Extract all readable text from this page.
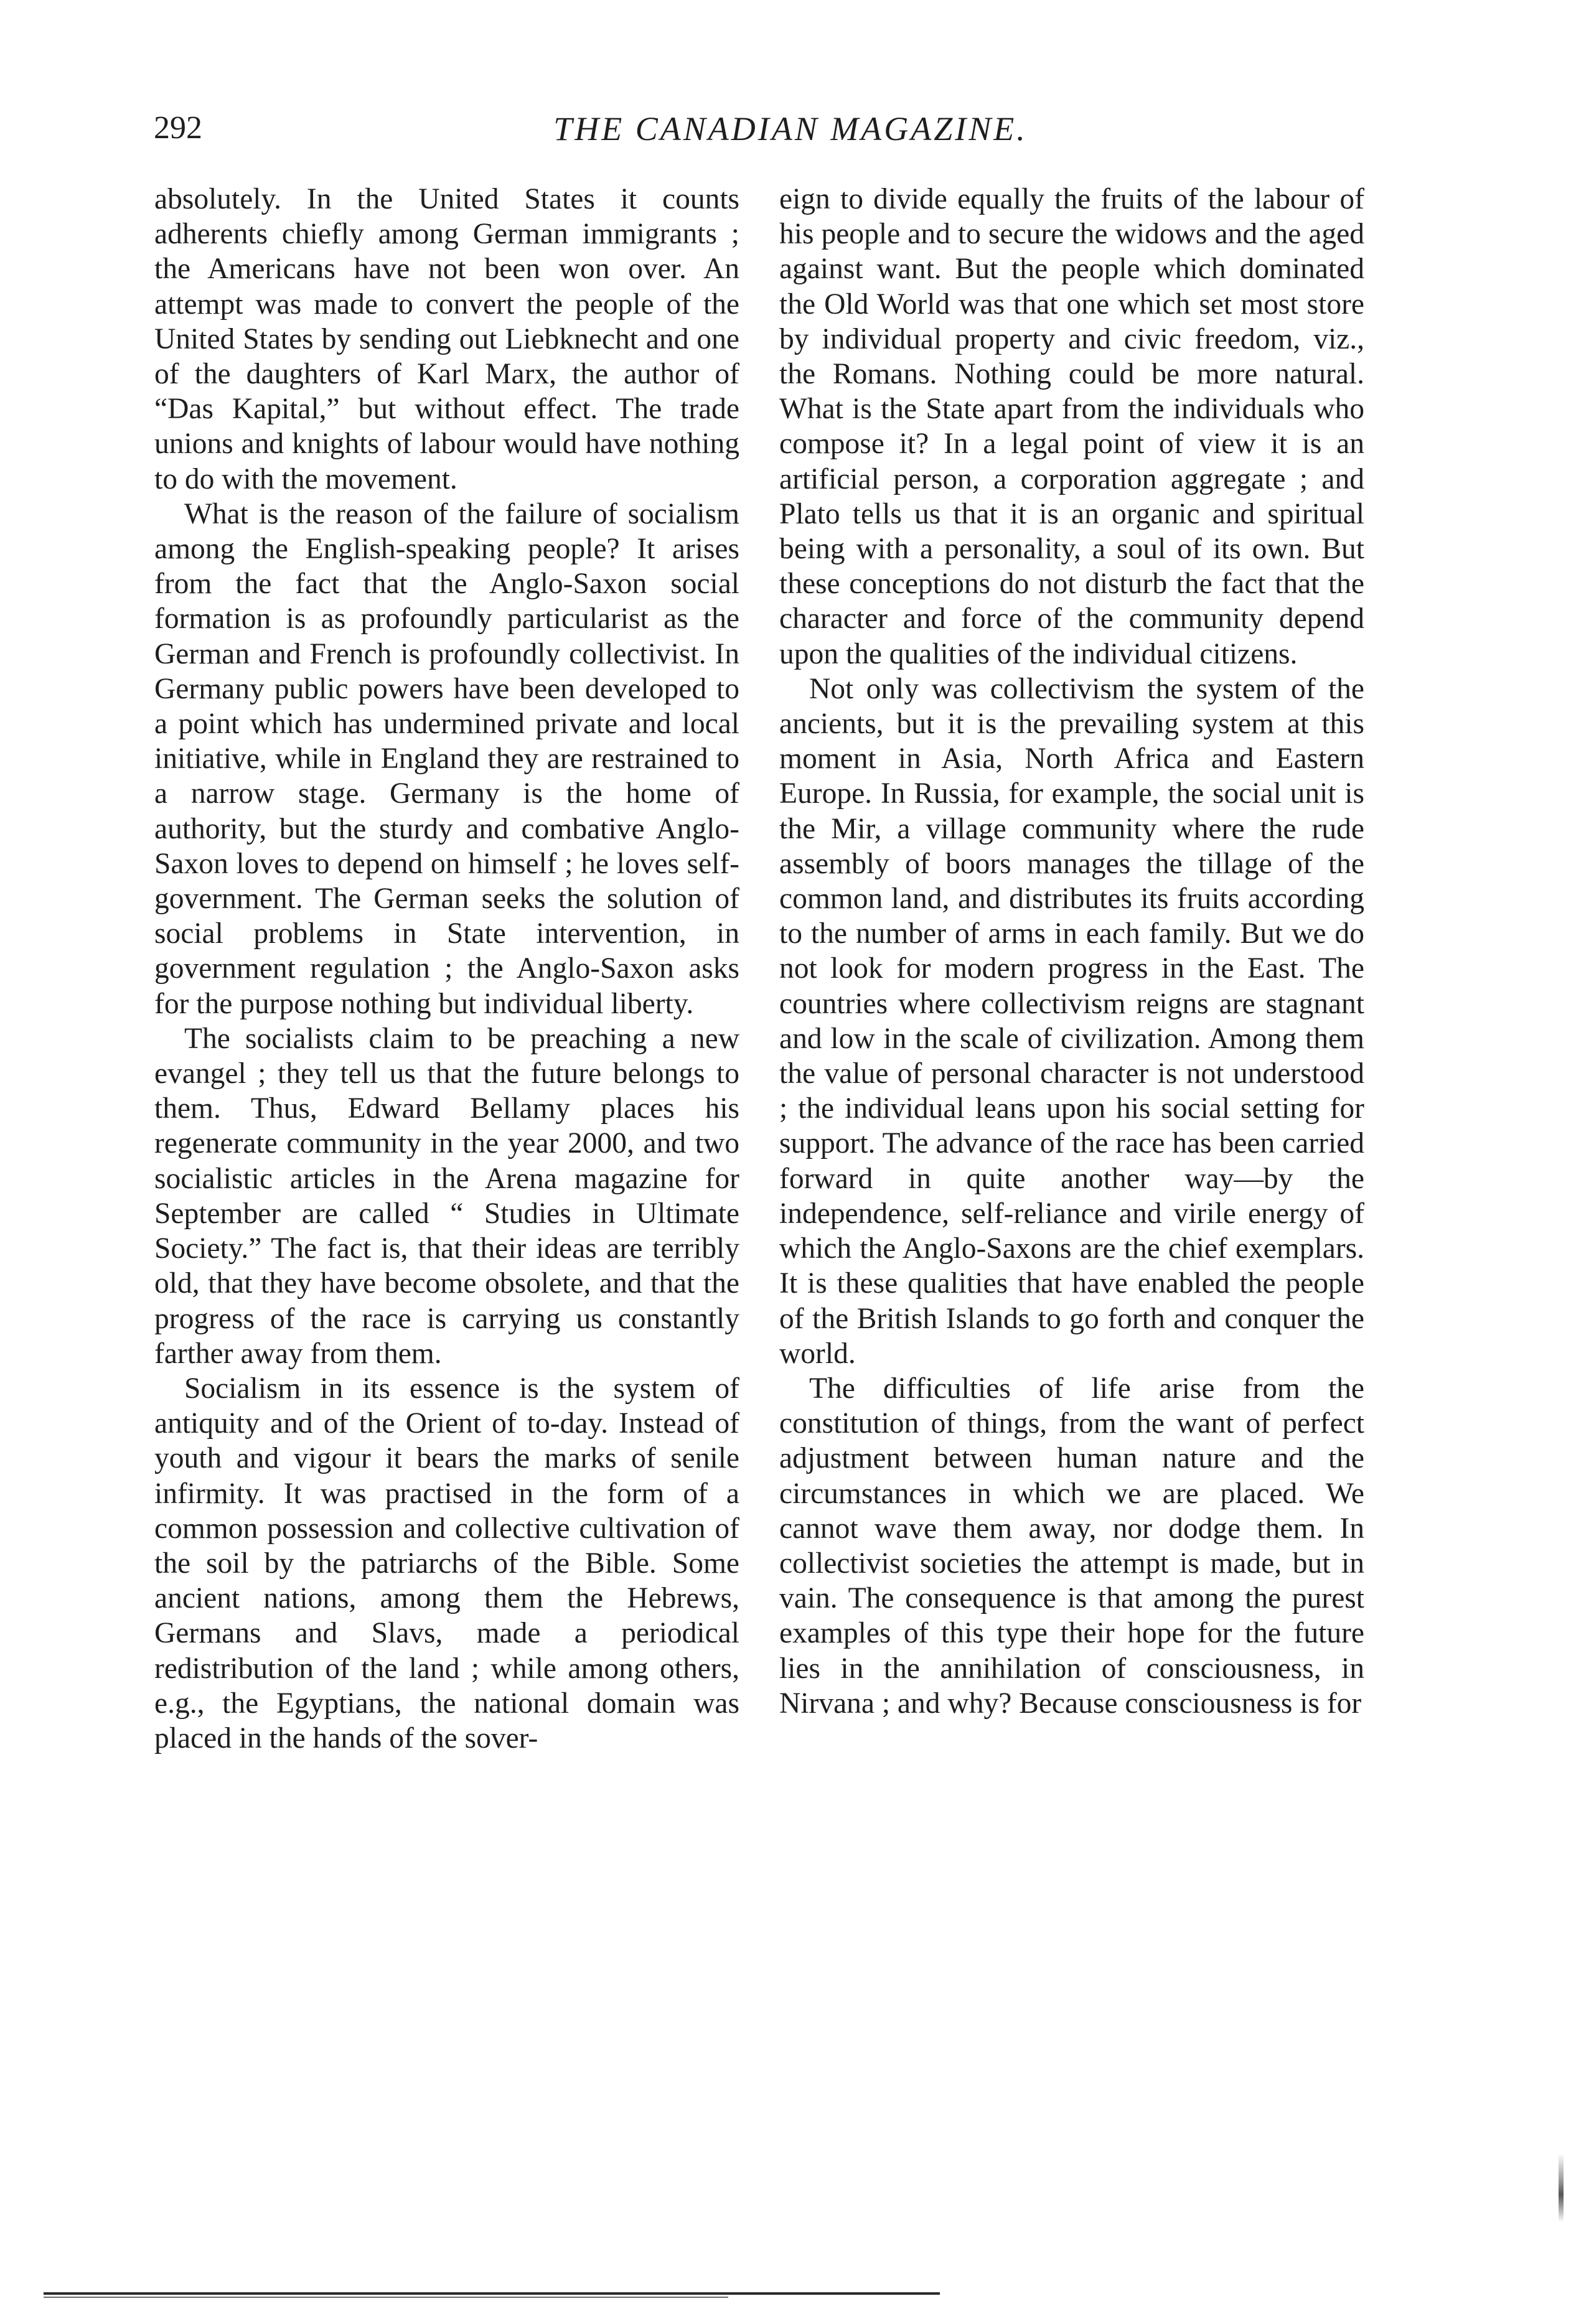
292	THE CANADIAN MAGAZINE.

absolutely. In the United States it counts adherents chiefly among German immigrants ; the Americans have not been won over. An attempt was made to convert the people of the United States by sending out Liebknecht and one of the daughters of Karl Marx, the author of “Das Kapital,” but without effect. The trade unions and knights of labour would have nothing to do with the movement.

What is the reason of the failure of socialism among the English-speaking people? It arises from the fact that the Anglo-Saxon social formation is as profoundly particularist as the German and French is profoundly collectivist. In Germany public powers have been developed to a point which has undermined private and local initiative, while in England they are restrained to a narrow stage. Germany is the home of authority, but the sturdy and combative Anglo-Saxon loves to depend on himself ; he loves self-government. The German seeks the solution of social problems in State intervention, in government regulation ; the Anglo-Saxon asks for the purpose nothing but individual liberty.

The socialists claim to be preaching a new evangel ; they tell us that the future belongs to them. Thus, Edward Bellamy places his regenerate community in the year 2000, and two socialistic articles in the Arena magazine for September are called “ Studies in Ultimate Society.” The fact is, that their ideas are terribly old, that they have become obsolete, and that the progress of the race is carrying us constantly farther away from them.

Socialism in its essence is the system of antiquity and of the Orient of to-day. Instead of youth and vigour it bears the marks of senile infirmity. It was practised in the form of a common possession and collective cultivation of the soil by the patriarchs of the Bible. Some ancient nations, among them the Hebrews, Germans and Slavs, made a periodical redistribution of the land ; while among others, e.g., the Egyptians, the national domain was placed in the hands of the sover-

eign to divide equally the fruits of the labour of his people and to secure the widows and the aged against want. But the people which dominated the Old World was that one which set most store by individual property and civic freedom, viz., the Romans. Nothing could be more natural. What is the State apart from the individuals who compose it? In a legal point of view it is an artificial person, a corporation aggregate ; and Plato tells us that it is an organic and spiritual being with a personality, a soul of its own. But these conceptions do not disturb the fact that the character and force of the community depend upon the qualities of the individual citizens.

Not only was collectivism the system of the ancients, but it is the prevailing system at this moment in Asia, North Africa and Eastern Europe. In Russia, for example, the social unit is the Mir, a village community where the rude assembly of boors manages the tillage of the common land, and distributes its fruits according to the number of arms in each family. But we do not look for modern progress in the East. The countries where collectivism reigns are stagnant and low in the scale of civilization. Among them the value of personal character is not understood ; the individual leans upon his social setting for support. The advance of the race has been carried forward in quite another way—by the independence, self-reliance and virile energy of which the Anglo-Saxons are the chief exemplars. It is these qualities that have enabled the people of the British Islands to go forth and conquer the world.

The difficulties of life arise from the constitution of things, from the want of perfect adjustment between human nature and the circumstances in which we are placed. We cannot wave them away, nor dodge them. In collectivist societies the attempt is made, but in vain. The consequence is that among the purest examples of this type their hope for the future lies in the annihilation of consciousness, in Nirvana ; and why? Because consciousness is for
